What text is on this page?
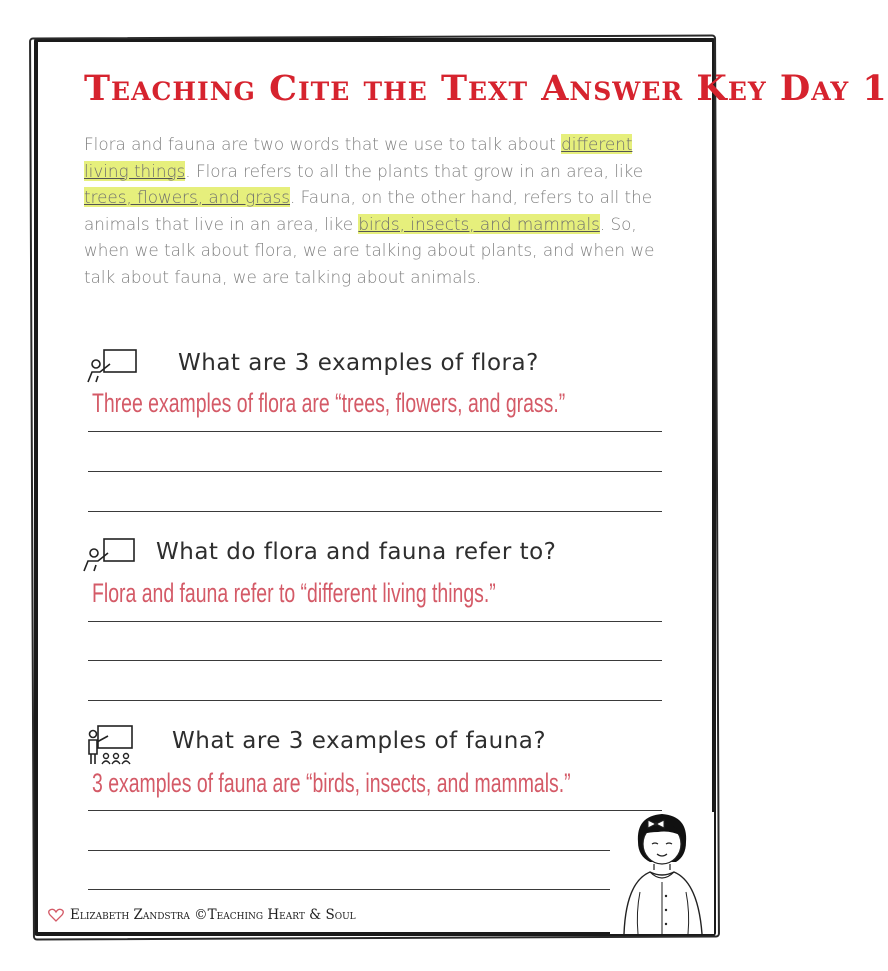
Teaching Cite the Text Answer Key Day 1

Flora and fauna are two words that we use to talk about different living things. Flora refers to all the plants that grow in an area, like trees, flowers, and grass. Fauna, on the other hand, refers to all the animals that live in an area, like birds, insects, and mammals. So, when we talk about flora, we are talking about plants, and when we talk about fauna, we are talking about animals.

What are 3 examples of flora?
Three examples of flora are “trees, flowers, and grass.”
What do flora and fauna refer to?
Flora and fauna refer to “different living things.”
What are 3 examples of fauna?
3 examples of fauna are “birds, insects, and mammals.”
Elizabeth Zandstra ©Teaching Heart & Soul
